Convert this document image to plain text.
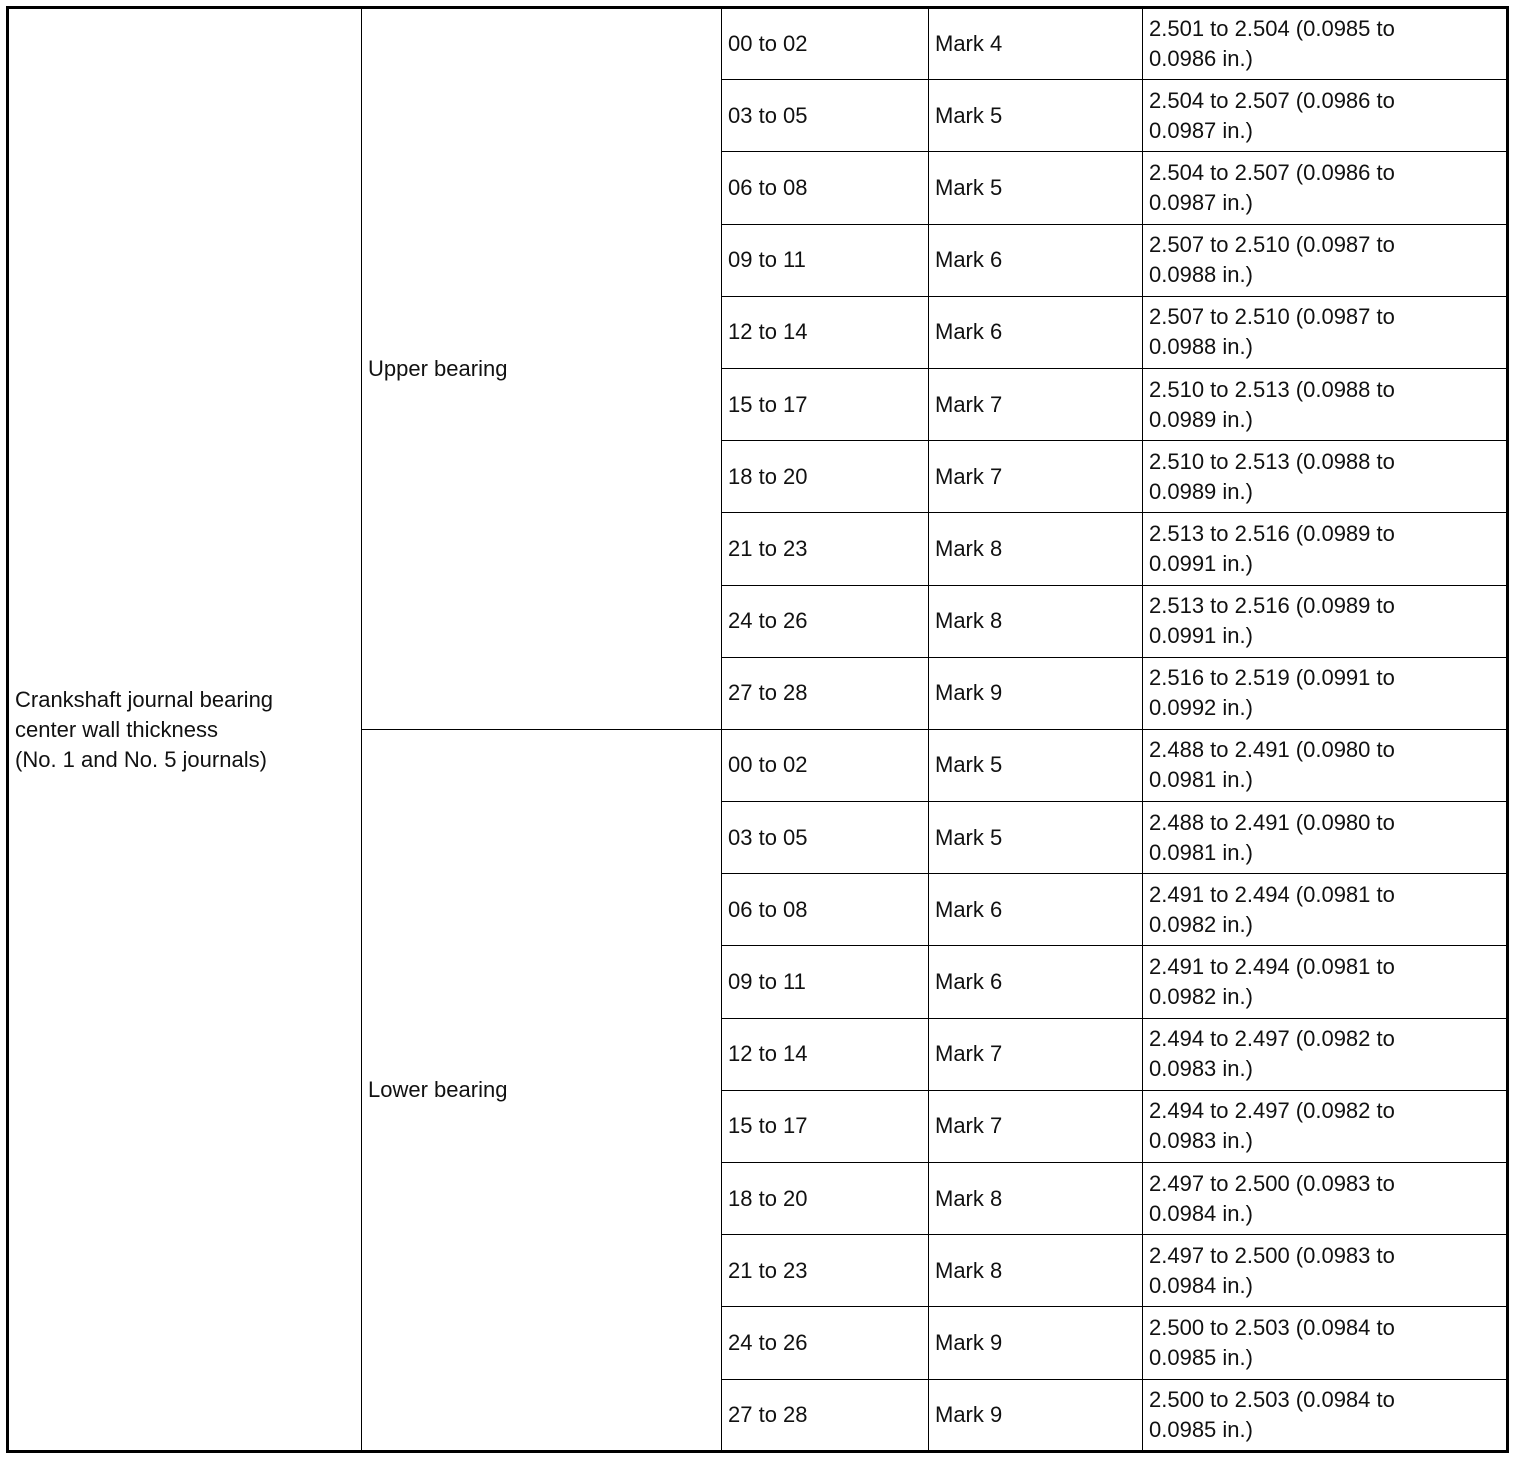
Crankshaft journal bearing
center wall thickness
(No. 1 and No. 5 journals)	Upper bearing	00 to 02	Mark 4	2.501 to 2.504 (0.0985 to
0.0986 in.)

		03 to 05	Mark 5	2.504 to 2.507 (0.0986 to
0.0987 in.)

		06 to 08	Mark 5	2.504 to 2.507 (0.0986 to
0.0987 in.)

		09 to 11	Mark 6	2.507 to 2.510 (0.0987 to
0.0988 in.)

		12 to 14	Mark 6	2.507 to 2.510 (0.0987 to
0.0988 in.)

		15 to 17	Mark 7	2.510 to 2.513 (0.0988 to
0.0989 in.)

		18 to 20	Mark 7	2.510 to 2.513 (0.0988 to
0.0989 in.)

		21 to 23	Mark 8	2.513 to 2.516 (0.0989 to
0.0991 in.)

		24 to 26	Mark 8	2.513 to 2.516 (0.0989 to
0.0991 in.)

		27 to 28	Mark 9	2.516 to 2.519 (0.0991 to
0.0992 in.)

	Lower bearing	00 to 02	Mark 5	2.488 to 2.491 (0.0980 to
0.0981 in.)

		03 to 05	Mark 5	2.488 to 2.491 (0.0980 to
0.0981 in.)

		06 to 08	Mark 6	2.491 to 2.494 (0.0981 to
0.0982 in.)

		09 to 11	Mark 6	2.491 to 2.494 (0.0981 to
0.0982 in.)

		12 to 14	Mark 7	2.494 to 2.497 (0.0982 to
0.0983 in.)

		15 to 17	Mark 7	2.494 to 2.497 (0.0982 to
0.0983 in.)

		18 to 20	Mark 8	2.497 to 2.500 (0.0983 to
0.0984 in.)

		21 to 23	Mark 8	2.497 to 2.500 (0.0983 to
0.0984 in.)

		24 to 26	Mark 9	2.500 to 2.503 (0.0984 to
0.0985 in.)

		27 to 28	Mark 9	2.500 to 2.503 (0.0984 to
0.0985 in.)
